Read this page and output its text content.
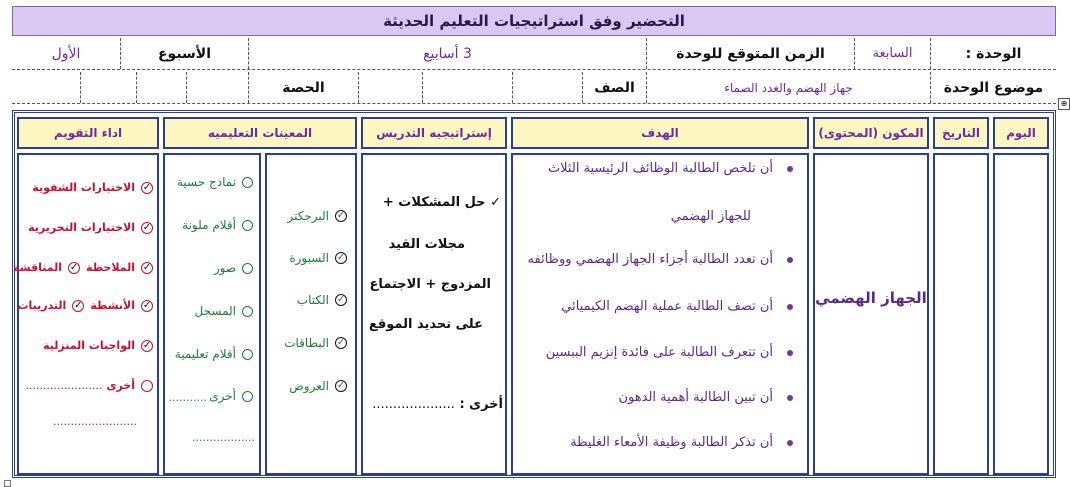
التحضير وفق استراتيجيات التعليم الحديثة
الوحدة :
السابعة
الزمن المتوقع للوحدة
3 أسابيع
الأسبوع
الأول
موضوع الوحدة
جهاز الهضم والغدد الصماء
الصف
الحصة
⊕
اليوم
التاريخ
المكون (المحتوى)
الهدف
إستراتيجيه التدريس
المعينات التعليميه
اداء التقويم
الجهاز الهضمي
أن تلخص الطالبة الوظائف الرئيسية الثلاث
للجهاز الهضمي
أن تعدد الطالبة أجزاء الجهاز الهضمي ووظائفه
أن تصف الطالبة عملية الهضم الكيميائي
أن تتعرف الطالبة على فائدة إنزيم الببسين
أن تبين الطالبة أهمية الدهون
أن تذكر الطالبة وظيفة الأمعاء الغليظة
✓ حل المشكلات +
مجلات القيد
المزدوج + الاجتماع
على تحديد الموقع
أخرى : ....................
✓
البرجكتر
✓
السبورة
✓
الكتاب
✓
البطاقات
✓
العروض
نماذج حسية
أقلام ملونة
صور
المسجل
أقلام تعليمية
أخرى
...........
..................
✓
الاختبارات الشفوية
✓
الاختبارات التحريرية
✓
الملاحظة
✓
المناقشة
✓
الأنشطة
✓
التدريبات
✓
الواجبات المنزلية
أخرى
......................
........................
